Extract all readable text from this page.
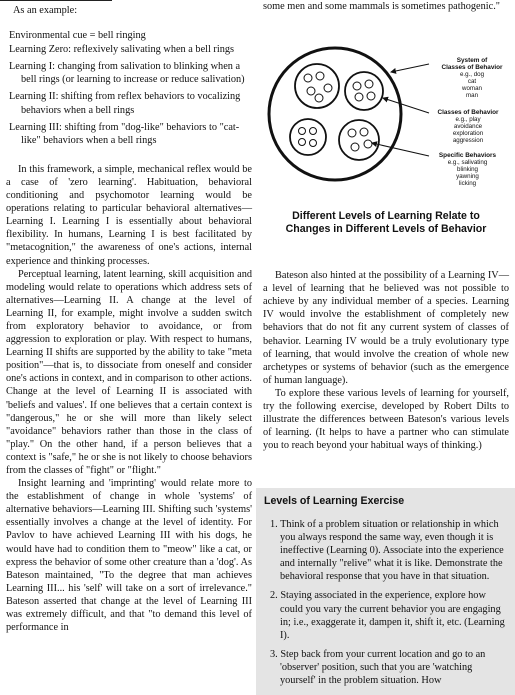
As an example:
Environmental cue = bell ringing
Learning Zero: reflexively salivating when a bell rings
Learning I: changing from salivation to blinking when a bell rings (or learning to increase or reduce salivation)
Learning II: shifting from reflex behaviors to vocalizing behaviors when a bell rings
Learning III: shifting from "dog-like" behaviors to "cat-like" behaviors when a bell rings

In this framework, a simple, mechanical reflex would be a case of 'zero learning'. Habituation, behavioral conditioning and psychomotor learning would be operations relating to particular behavioral alternatives—Learning I. Learning I is essentially about behavioral flexibility. In humans, Learning I is best facilitated by "metacognition," the awareness of one's actions, internal experience and thinking processes.

Perceptual learning, latent learning, skill acquisition and modeling would relate to operations which address sets of alternatives—Learning II. A change at the level of Learning II, for example, might involve a sudden switch from exploratory behavior to avoidance, or from aggression to exploration or play. With respect to humans, Learning II shifts are supported by the ability to take "meta position"—that is, to dissociate from oneself and consider one's actions in context, and in comparison to other actions. Change at the level of Learning II is associated with 'beliefs and values'. If one believes that a certain context is "dangerous," he or she will more than likely select "avoidance" behaviors rather than those in the class of "play." On the other hand, if a person believes that a context is "safe," he or she is not likely to choose behaviors from the classes of "fight" or "flight."

Insight learning and 'imprinting' would relate more to the establishment of change in whole 'systems' of alternative behaviors—Learning III. Shifting such 'systems' essentially involves a change at the level of identity. For Pavlov to have achieved Learning III with his dogs, he would have had to condition them to "meow" like a cat, or express the behavior of some other creature than a 'dog'. As Bateson maintained, "To the degree that man achieves Learning III... his 'self' will take on a sort of irrelevance." Bateson asserted that change at the level of Learning III was extremely difficult, and that "to demand this level of performance in

some men and some mammals is sometimes pathogenic."

System of
Classes of Behavior
e.g., dog
cat
woman
man
Classes of Behavior
e.g., play
avoidance
exploration
aggression
Specific Behaviors
e.g., salivating
blinking
yawning
licking
Different Levels of Learning Relate to
Changes in Different Levels of Behavior

Bateson also hinted at the possibility of a Learning IV—a level of learning that he believed was not possible to achieve by any individual member of a species. Learning IV would involve the establishment of completely new behaviors that do not fit any current system of classes of behavior. Learning IV would be a truly evolutionary type of learning, that would involve the creation of whole new archetypes or systems of behavior (such as the emergence of human language).

To explore these various levels of learning for yourself, try the following exercise, developed by Robert Dilts to illustrate the differences between Bateson's various levels of learning. (It helps to have a partner who can stimulate you to reach beyond your habitual ways of thinking.)

Levels of Learning Exercise
1. Think of a problem situation or relationship in which you always respond the same way, even though it is ineffective (Learning 0). Associate into the experience and internally "relive" what it is like. Demonstrate the behavioral response that you have in that situation.
2. Staying associated in the experience, explore how could you vary the current behavior you are engaging in; i.e., exaggerate it, dampen it, shift it, etc. (Learning I).
3. Step back from your current location and go to an 'observer' position, such that you are 'watching yourself' in the problem situation. How
